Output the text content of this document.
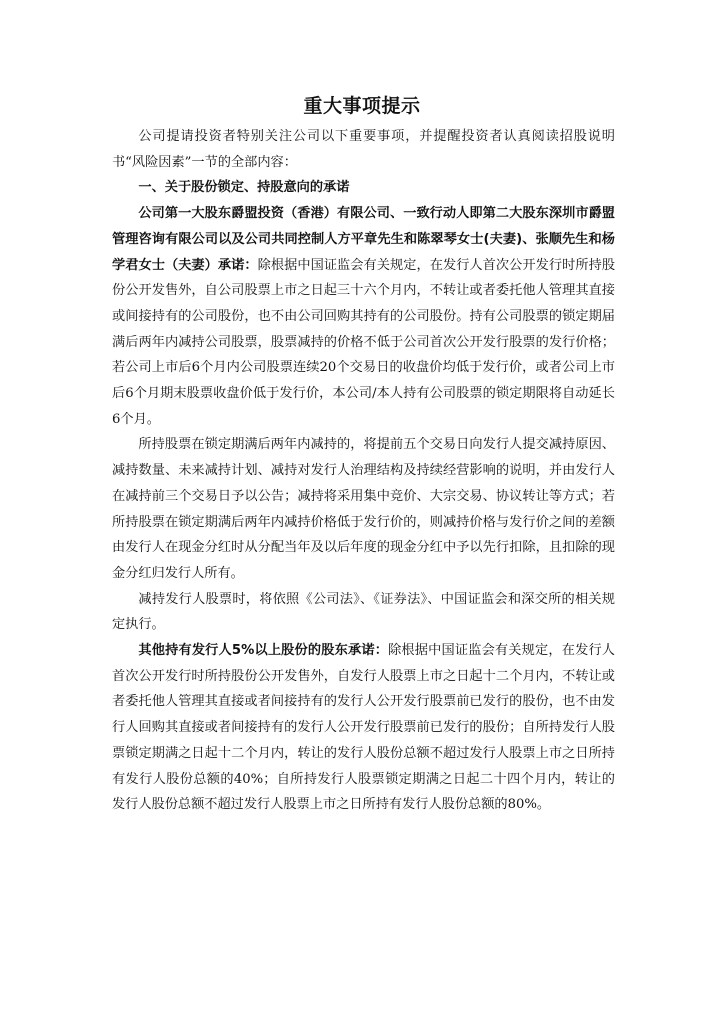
重大事项提示

公司提请投资者特别关注公司以下重要事项，并提醒投资者认真阅读招股说明书“风险因素”一节的全部内容：

一、关于股份锁定、持股意向的承诺

公司第一大股东爵盟投资（香港）有限公司、一致行动人即第二大股东深圳市爵盟管理咨询有限公司以及公司共同控制人方平章先生和陈翠琴女士(夫妻)、张顺先生和杨学君女士（夫妻）承诺：除根据中国证监会有关规定，在发行人首次公开发行时所持股份公开发售外，自公司股票上市之日起三十六个月内，不转让或者委托他人管理其直接或间接持有的公司股份，也不由公司回购其持有的公司股份。持有公司股票的锁定期届满后两年内减持公司股票，股票减持的价格不低于公司首次公开发行股票的发行价格；若公司上市后6个月内公司股票连续20个交易日的收盘价均低于发行价，或者公司上市后6个月期末股票收盘价低于发行价，本公司/本人持有公司股票的锁定期限将自动延长6个月。

所持股票在锁定期满后两年内减持的，将提前五个交易日向发行人提交减持原因、减持数量、未来减持计划、减持对发行人治理结构及持续经营影响的说明，并由发行人在减持前三个交易日予以公告；减持将采用集中竞价、大宗交易、协议转让等方式；若所持股票在锁定期满后两年内减持价格低于发行价的，则减持价格与发行价之间的差额由发行人在现金分红时从分配当年及以后年度的现金分红中予以先行扣除，且扣除的现金分红归发行人所有。

减持发行人股票时，将依照《公司法》、《证券法》、中国证监会和深交所的相关规定执行。

其他持有发行人5%以上股份的股东承诺：除根据中国证监会有关规定，在发行人首次公开发行时所持股份公开发售外，自发行人股票上市之日起十二个月内，不转让或者委托他人管理其直接或者间接持有的发行人公开发行股票前已发行的股份，也不由发行人回购其直接或者间接持有的发行人公开发行股票前已发行的股份；自所持发行人股票锁定期满之日起十二个月内，转让的发行人股份总额不超过发行人股票上市之日所持有发行人股份总额的40%；自所持发行人股票锁定期满之日起二十四个月内，转让的发行人股份总额不超过发行人股票上市之日所持有发行人股份总额的80%。
